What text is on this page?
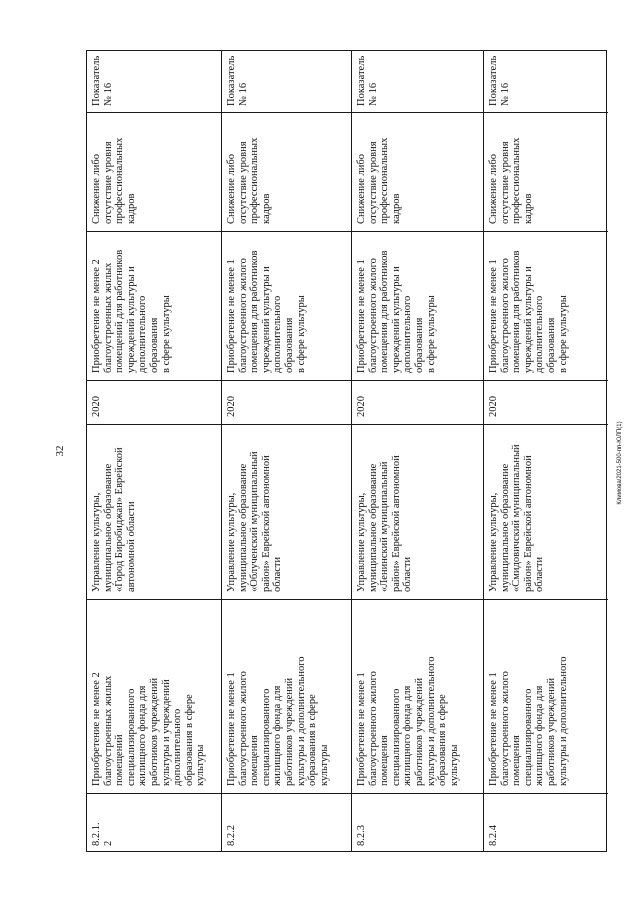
32	Климова/2021-500-пп-ЮЛП(1)
8.2.1.
2
Приобретение не менее 2
благоустроенных жилых
помещений
специализированного
жилищного фонда для
работников учреждений
культуры и учреждений
дополнительного
образования в сфере
культуры
Управление культуры,
муниципальное образование
«Город Биробиджан» Еврейской
автономной области
2020
Приобретение не менее 2
благоустроенных жилых
помещений для работников
учреждений культуры и
дополнительного образования
в сфере культуры
Снижение либо
отсутствие уровня
профессиональных
кадров
Показатель № 16
8.2.2
Приобретение не менее 1
благоустроенного жилого
помещения
специализированного
жилищного фонда для
работников учреждений
культуры и дополнительного
образования в сфере
культуры
Управление культуры,
муниципальное образование
«Облученский муниципальный
район» Еврейской автономной
области
2020
Приобретение не менее 1
благоустроенного жилого
помещения для работников
учреждений культуры и
дополнительного образования
в сфере культуры
Снижение либо
отсутствие уровня
профессиональных
кадров
Показатель № 16
8.2.3
Приобретение не менее 1
благоустроенного жилого
помещения
специализированного
жилищного фонда для
работников учреждений
культуры и дополнительного
образования в сфере
культуры
Управление культуры,
муниципальное образование
«Ленинский муниципальный
район» Еврейской автономной
области
2020
Приобретение не менее 1
благоустроенного жилого
помещения для работников
учреждений культуры и
дополнительного образования
в сфере культуры
Снижение либо
отсутствие уровня
профессиональных
кадров
Показатель № 16
8.2.4
Приобретение не менее 1
благоустроенного жилого
помещения
специализированного
жилищного фонда для
работников учреждений
культуры и дополнительного
Управление культуры,
муниципальное образование
«Смидовичский муниципальный
район» Еврейской автономной
области
2020
Приобретение не менее 1
благоустроенного жилого
помещения для работников
учреждений культуры и
дополнительного образования
в сфере культуры
Снижение либо
отсутствие уровня
профессиональных
кадров
Показатель № 16
